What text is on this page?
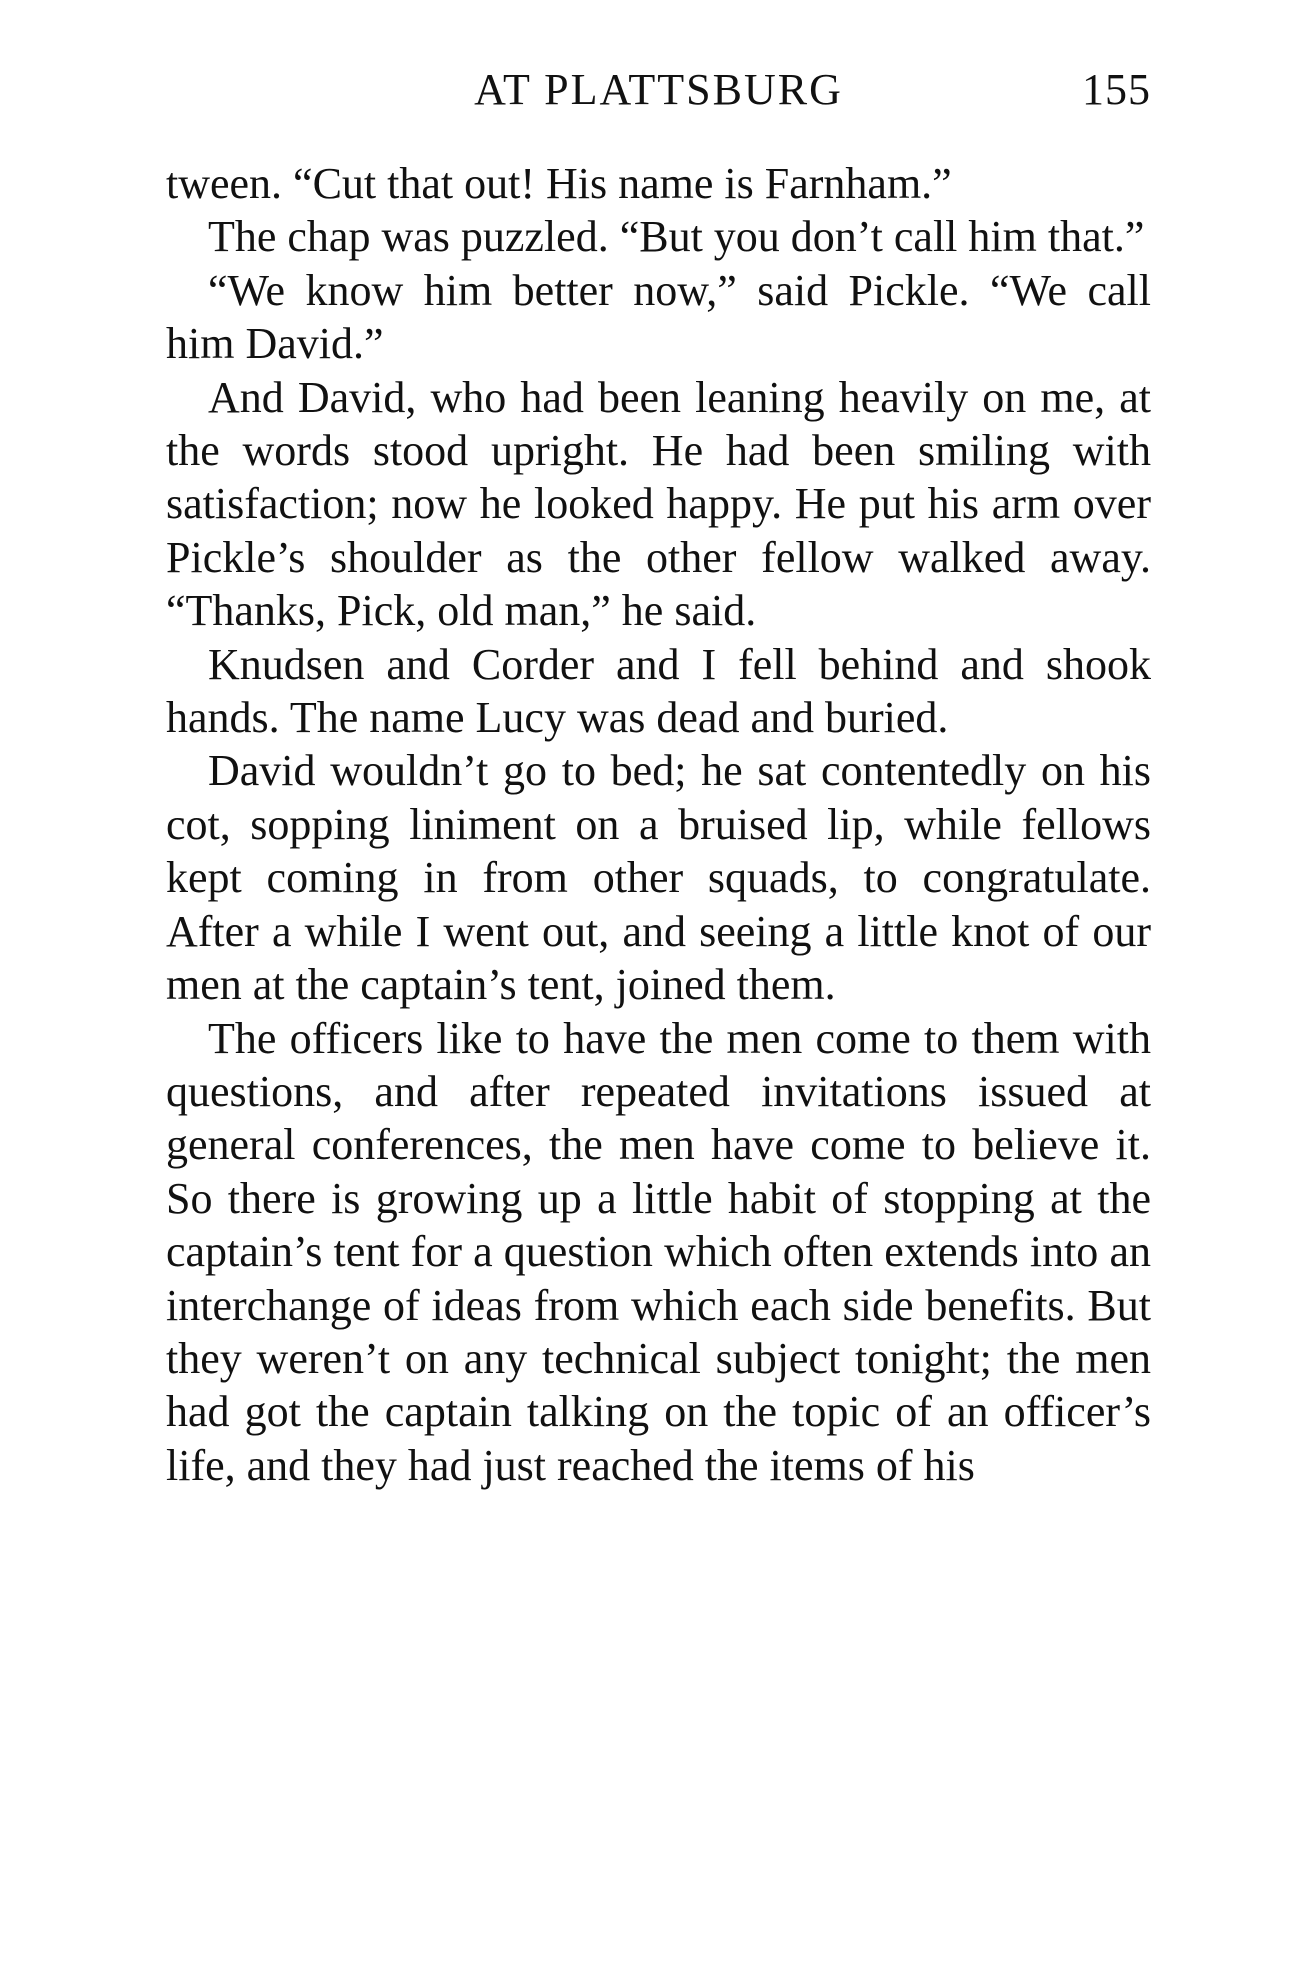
AT PLATTSBURG	155

tween. “Cut that out! His name is Farnham.”

The chap was puzzled. “But you don’t call him that.”

“We know him better now,” said Pickle. “We call him David.”

And David, who had been leaning heavily on me, at the words stood upright. He had been smiling with satisfaction; now he looked happy. He put his arm over Pickle’s shoulder as the other fellow walked away. “Thanks, Pick, old man,” he said.

Knudsen and Corder and I fell behind and shook hands. The name Lucy was dead and buried.

David wouldn’t go to bed; he sat contentedly on his cot, sopping liniment on a bruised lip, while fellows kept coming in from other squads, to congratulate. After a while I went out, and seeing a little knot of our men at the captain’s tent, joined them.

The officers like to have the men come to them with questions, and after repeated invitations issued at general conferences, the men have come to believe it. So there is growing up a little habit of stopping at the captain’s tent for a question which often extends into an interchange of ideas from which each side benefits. But they weren’t on any technical subject tonight; the men had got the captain talking on the topic of an officer’s life, and they had just reached the items of his
